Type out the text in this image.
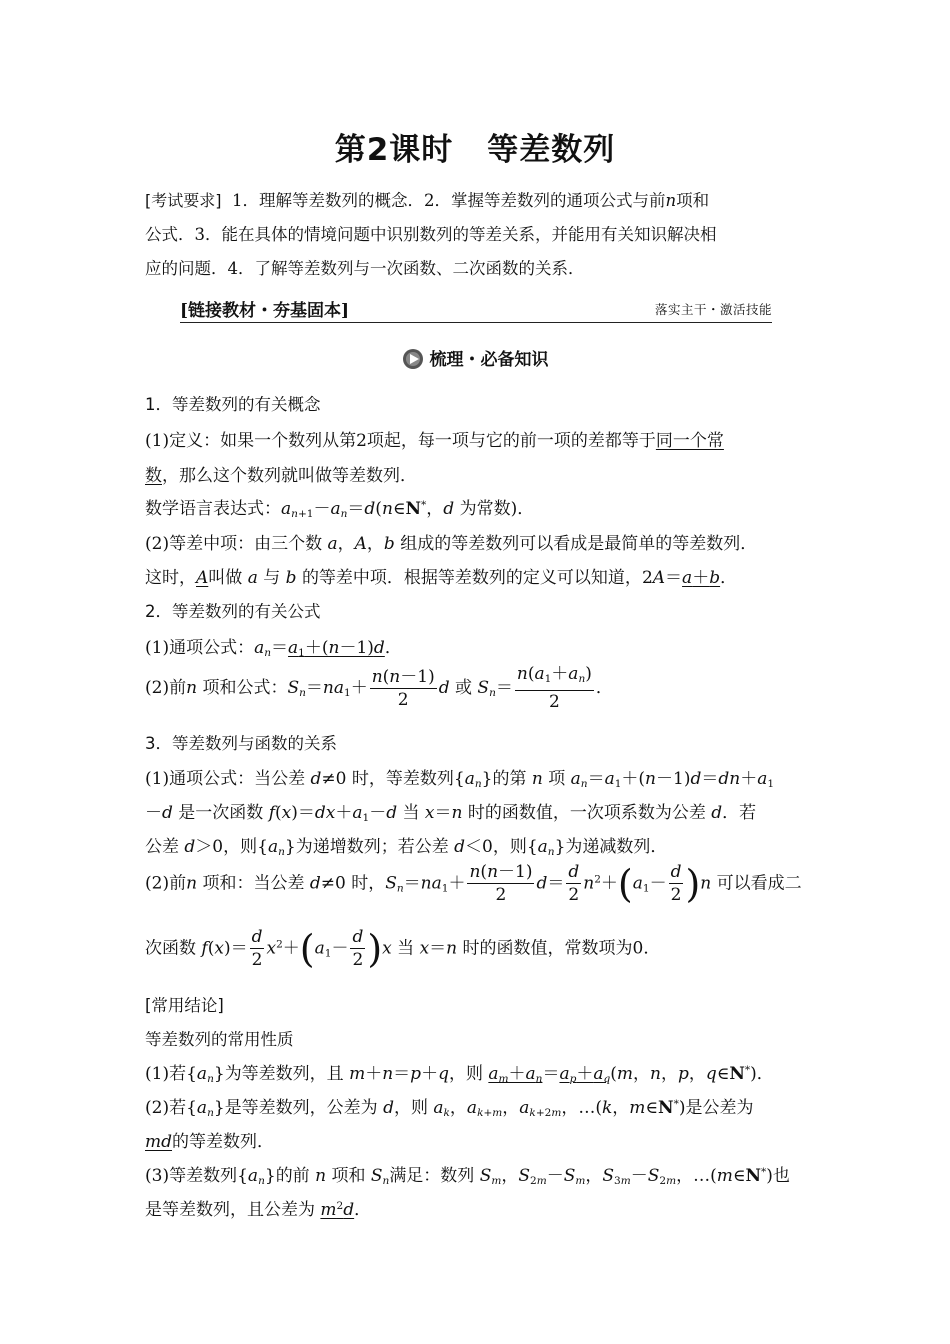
第2课时 等差数列
[考试要求] 1．理解等差数列的概念．2．掌握等差数列的通项公式与前n项和
公式．3．能在具体的情境问题中识别数列的等差关系，并能用有关知识解决相
应的问题．4．了解等差数列与一次函数、二次函数的关系．
[链接教材・夯基固本]	落实主干・激活技能
梳理・必备知识
1．等差数列的有关概念
(1)定义：如果一个数列从第2项起，每一项与它的前一项的差都等于同一个常
数，那么这个数列就叫做等差数列．
数学语言表达式：$a_{n+1}-a_n=d(n\in N^*$，d 为常数)．
(2)等差中项：由三个数 a，A，b 组成的等差数列可以看成是最简单的等差数列．
这时，A叫做 a 与 b 的等差中项．根据等差数列的定义可以知道，2A＝a＋b．
2．等差数列的有关公式
(1)通项公式：$a_n=a_1+(n-1)d$．
(2)前n 项和公式：$S_n=na_1+ \frac{n(n-1)}{2}$ d 或 $S_n= \frac{n(a_1+a_n)}{2}$ ．
3．等差数列与函数的关系
(1)通项公式：当公差 d≠0 时，等差数列$\{a_n\}$的第 n 项 $a_n=a_1+(n-1)d=dn+a_1$
－d 是一次函数 $f(x)=dx+a_1-d$ 当 x＝n 时的函数值，一次项系数为公差 d．若
公差 d＞0，则$\{a_n\}$为递增数列；若公差 d＜0，则$\{a_n\}$为递减数列．
(2)前n 项和：当公差 d≠0 时，$S_n=na_1+ \frac{n(n-1)}{2} d= \frac{d}{2} n^2+(a_1- \frac{d}{2} )n$ 可以看成二
次函数 $f(x)= \frac{d}{2} x^2+(a_1- \frac{d}{2} )x$ 当 x＝n 时的函数值，常数项为0．
[常用结论]
等差数列的常用性质
(1)若$\{a_n\}$为等差数列，且 m＋n＝p＋q，则 $a_m+a_n=a_p+a_q(m$，n，p，q∈N*)．
(2)若$\{a_n\}$是等差数列，公差为 d，则 $a_k$，$a_{k+m}$，$a_{k+2m}$，…(k，m∈N*)是公差为
md的等差数列．
(3)等差数列$\{a_n\}$的前 n 项和 $S_n$满足：数列 $S_m$，$S_{2m}-S_m$，$S_{3m}-S_{2m}$，…(m∈N*)也
是等差数列，且公差为 $m^2d$．
